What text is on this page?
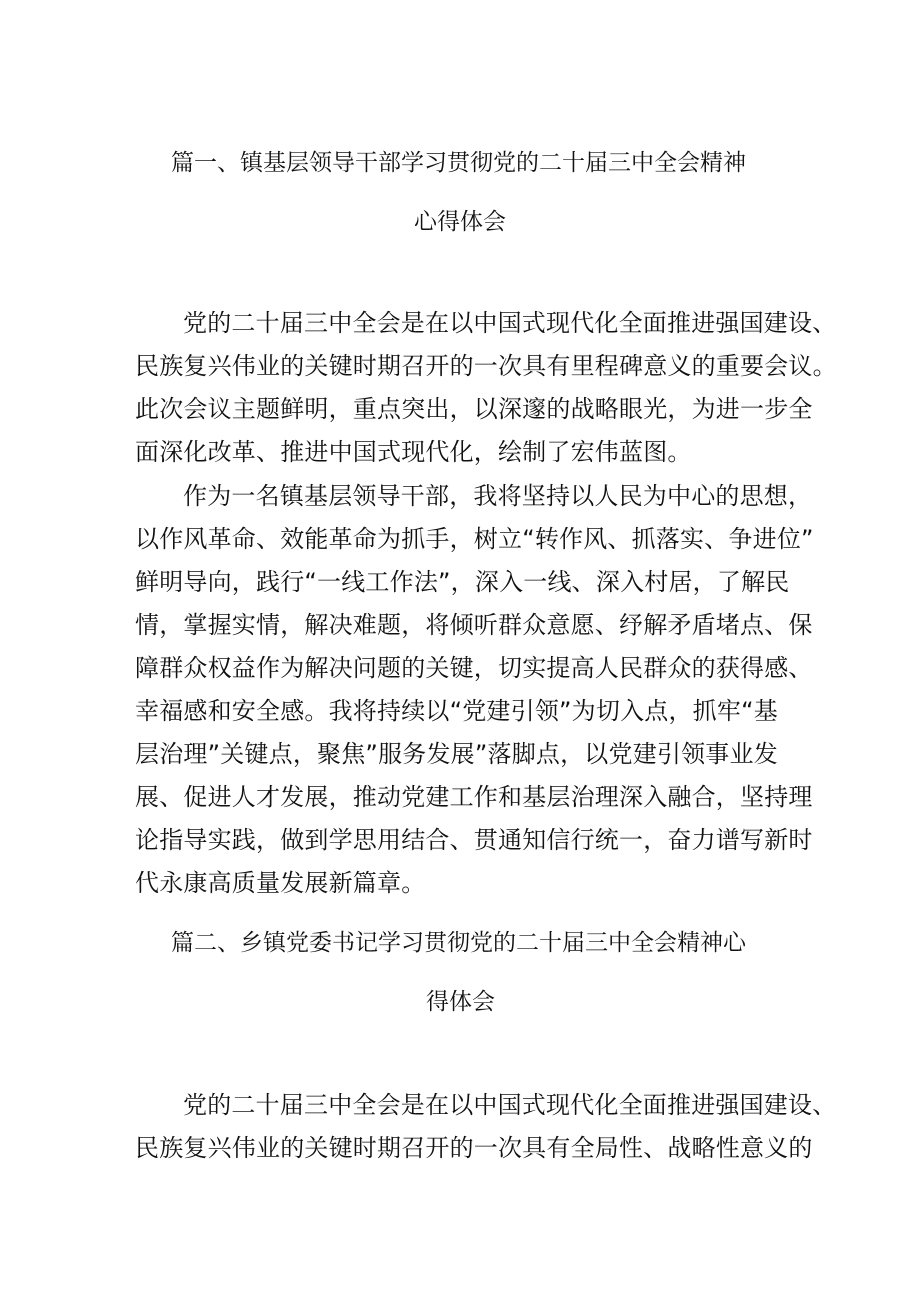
篇一、镇基层领导干部学习贯彻党的二十届三中全会精神
心得体会
党的二十届三中全会是在以中国式现代化全面推进强国建设、
民族复兴伟业的关键时期召开的一次具有里程碑意义的重要会议。
此次会议主题鲜明，重点突出，以深邃的战略眼光，为进一步全
面深化改革、推进中国式现代化，绘制了宏伟蓝图。
作为一名镇基层领导干部，我将坚持以人民为中心的思想，
以作风革命、效能革命为抓手，树立“转作风、抓落实、争进位”
鲜明导向，践行“一线工作法”，深入一线、深入村居，了解民
情，掌握实情，解决难题，将倾听群众意愿、纾解矛盾堵点、保
障群众权益作为解决问题的关键，切实提高人民群众的获得感、
幸福感和安全感。我将持续以“党建引领”为切入点，抓牢“基
层治理”关键点，聚焦”服务发展”落脚点，以党建引领事业发
展、促进人才发展，推动党建工作和基层治理深入融合，坚持理
论指导实践，做到学思用结合、贯通知信行统一，奋力谱写新时
代永康高质量发展新篇章。
篇二、乡镇党委书记学习贯彻党的二十届三中全会精神心
得体会
党的二十届三中全会是在以中国式现代化全面推进强国建设、
民族复兴伟业的关键时期召开的一次具有全局性、战略性意义的
